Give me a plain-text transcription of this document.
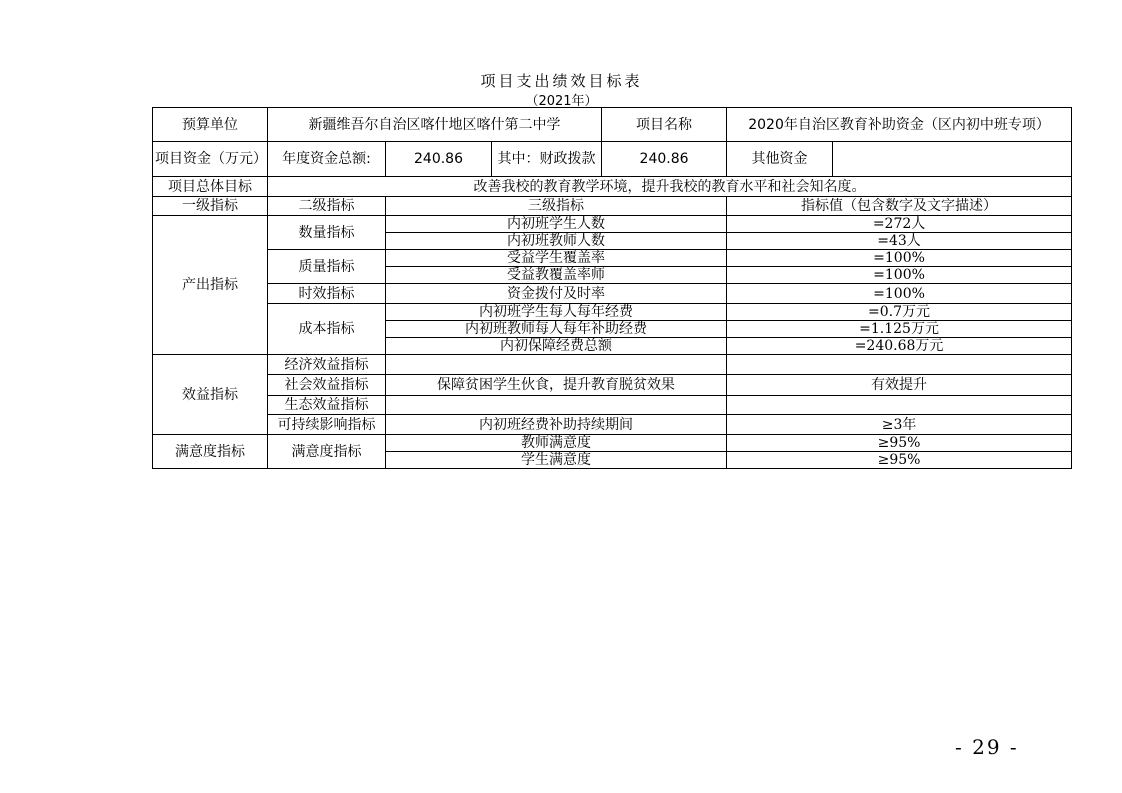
项目支出绩效目标表
（2021年）
预算单位	新疆维吾尔自治区喀什地区喀什第二中学			项目名称	2020年自治区教育补助资金（区内初中班专项）	
项目资金（万元）	年度资金总额:	240.86	其中：财政拨款	240.86	其他资金	
项目总体目标	改善我校的教育教学环境，提升我校的教育水平和社会知名度。					
一级指标	二级指标	三级指标			指标值（包含数字及文字描述）	
产出指标	数量指标	内初班学生人数			=272人	
		内初班教师人数			=43人	
	质量指标	受益学生覆盖率			=100%	
		受益教覆盖率师			=100%	
	时效指标	资金拨付及时率			=100%	
	成本指标	内初班学生每人每年经费			=0.7万元	
		内初班教师每人每年补助经费			=1.125万元	
		内初保障经费总额			=240.68万元	
效益指标	经济效益指标					
	社会效益指标	保障贫困学生伙食，提升教育脱贫效果			有效提升	
	生态效益指标					
	可持续影响指标	内初班经费补助持续期间			≥3年	
满意度指标	满意度指标	教师满意度			≥95%	
		学生满意度			≥95%	
- 29 -
